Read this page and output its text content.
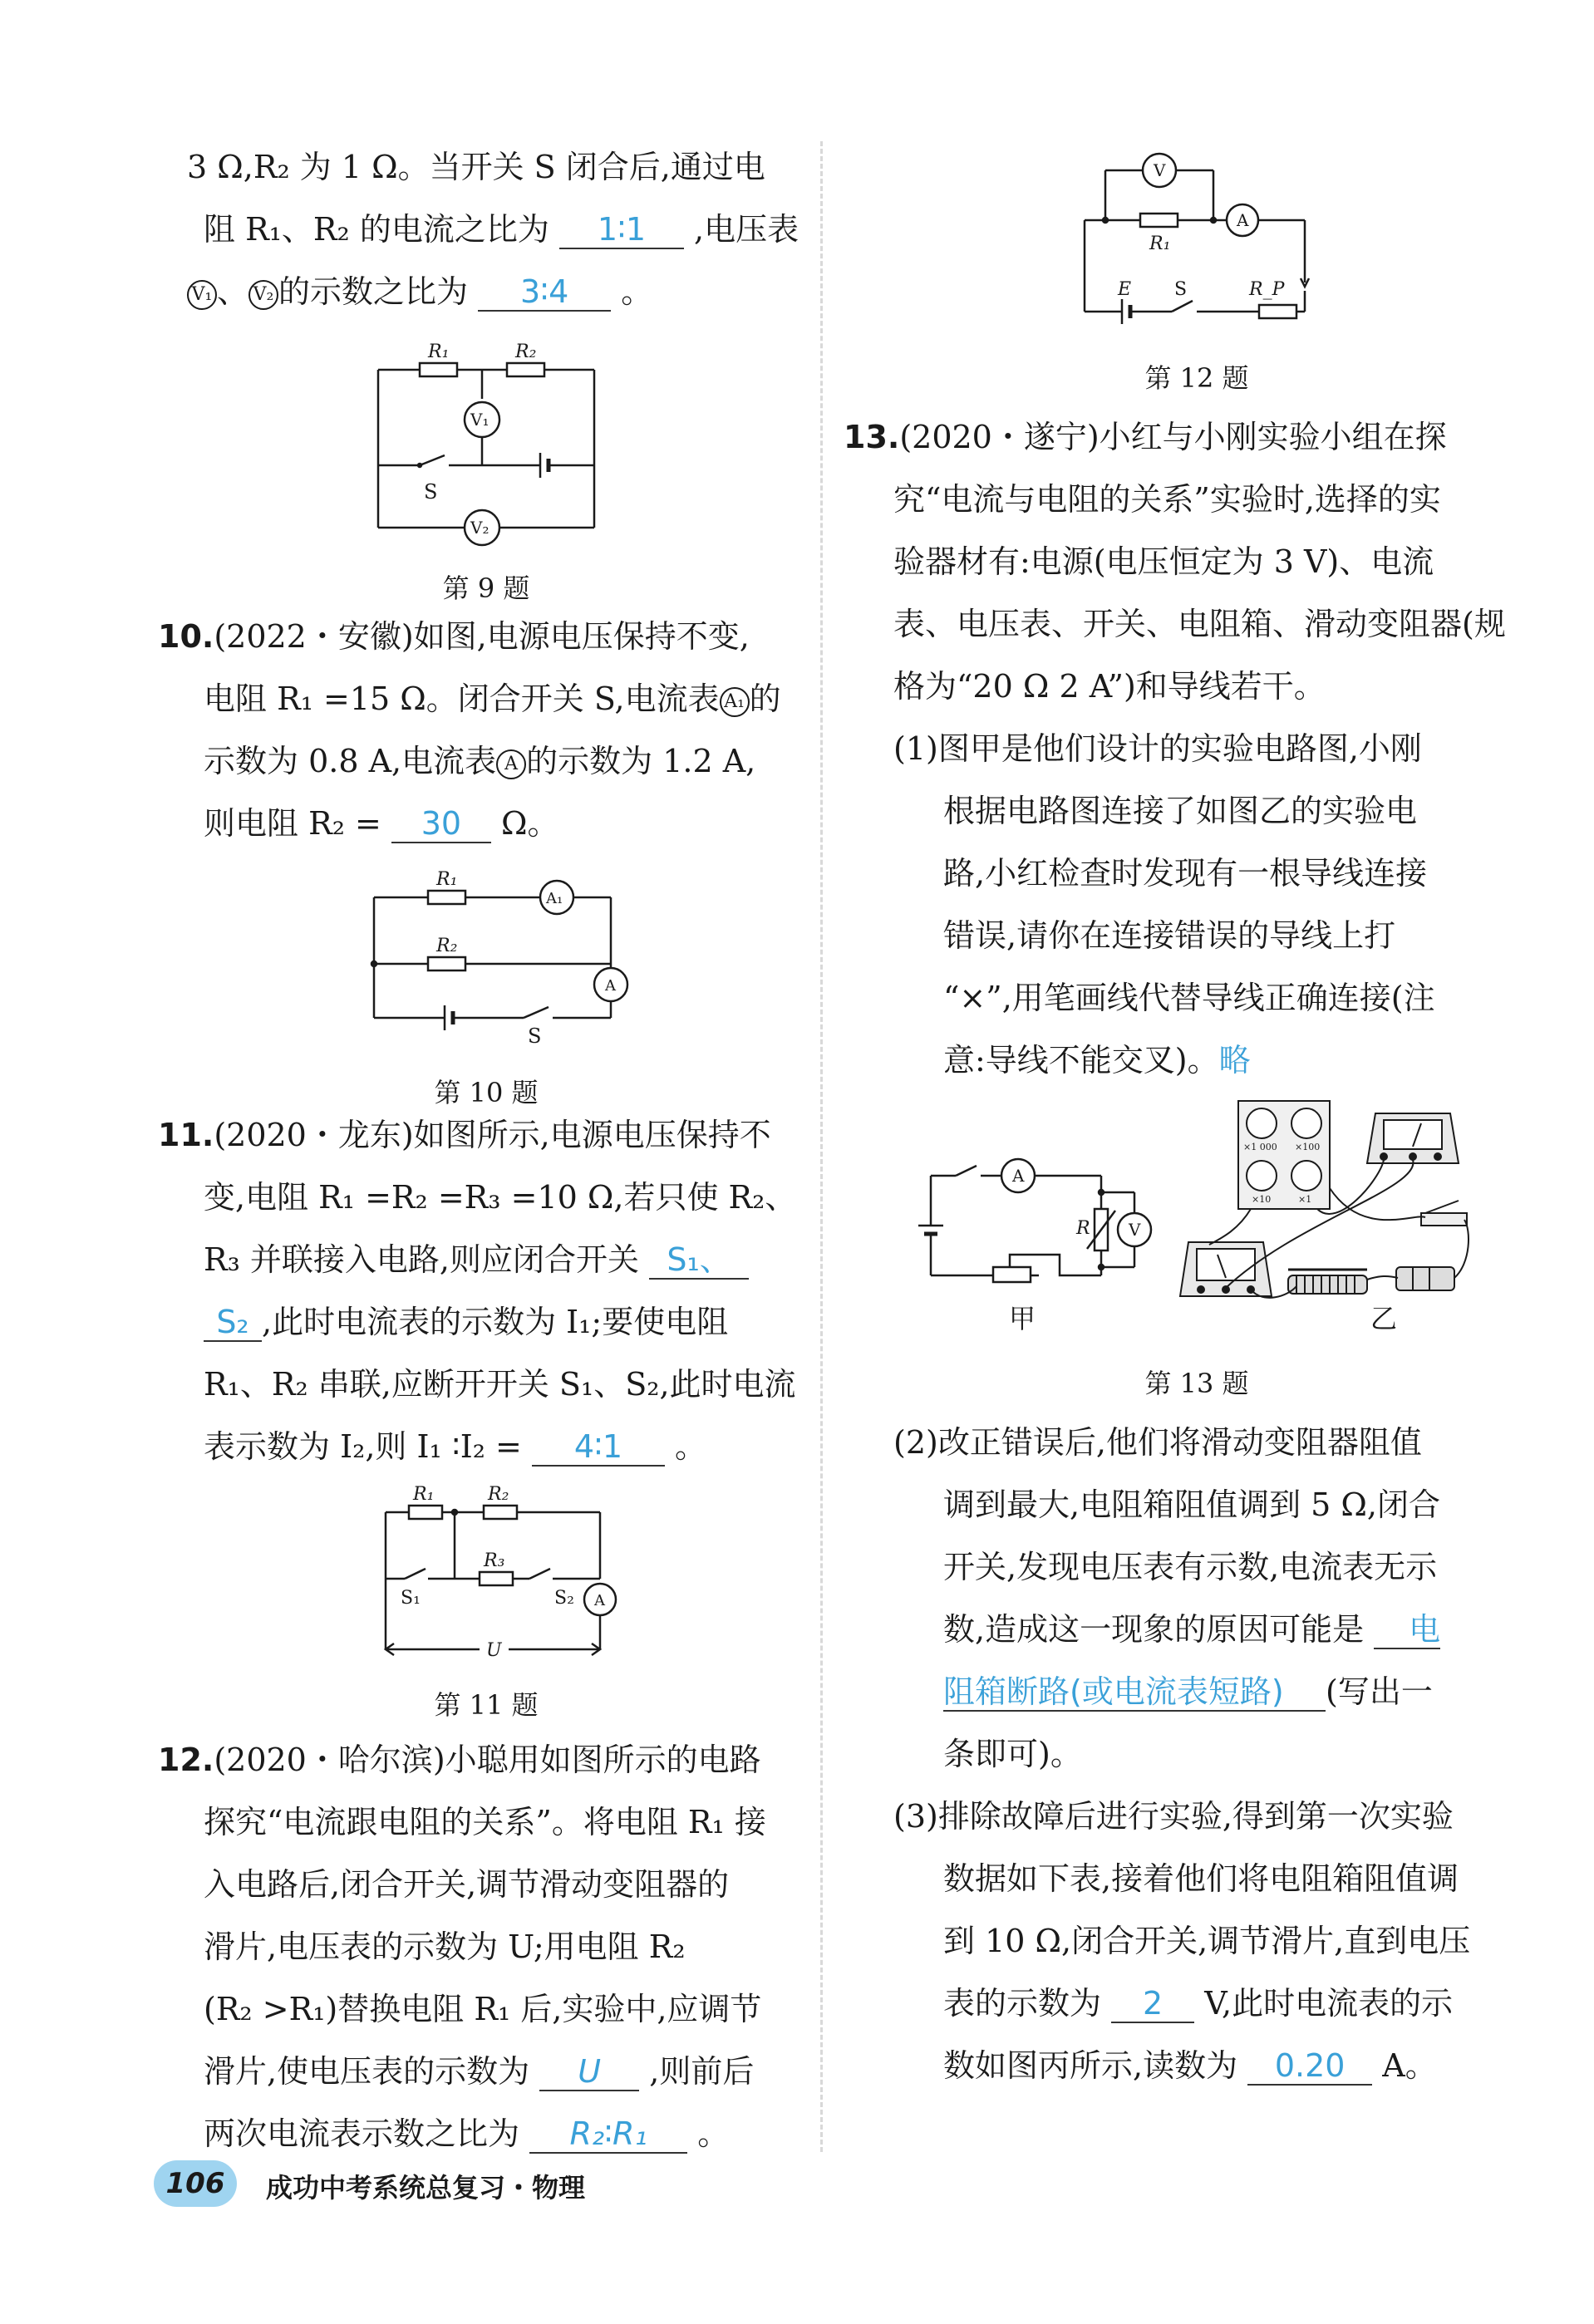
3 Ω,R₂ 为 1 Ω。当开关 S 闭合后,通过电
阻 R₁、R₂ 的电流之比为 1∶1 ,电压表
V₁ 、 V₂ 的示数之比为 3∶4 。
R₁	R₂
V₁
V₂
S
第 9 题
10.(2022・安徽)如图,电源电压保持不变,
电阻 R₁ =15 Ω。闭合开关 S,电流表 A₁ 的
示数为 0.8 A,电流表 A 的示数为 1.2 A,
则电阻 R₂ = 30 Ω。
R₁
R₂
A₁
A
S
第 10 题
11.(2020・龙东)如图所示,电源电压保持不
变,电阻 R₁ =R₂ =R₃ =10 Ω,若只使 R₂、
R₃ 并联接入电路,则应闭合开关 S₁、
S₂ ,此时电流表的示数为 I₁;要使电阻
R₁、R₂ 串联,应断开开关 S₁、S₂,此时电流
表示数为 I₂,则 I₁ ∶I₂ = 4∶1 。
R₁	R₂
R₃
U
S₁	S₂ A
第 11 题
12.(2020・哈尔滨)小聪用如图所示的电路
探究“电流跟电阻的关系”。将电阻 R₁ 接
入电路后,闭合开关,调节滑动变阻器的
滑片,电压表的示数为 U;用电阻 R₂
(R₂ >R₁)替换电阻 R₁ 后,实验中,应调节
滑片,使电压表的示数为 U ,则前后
两次电流表示数之比为 R₂∶R₁ 。
V
A
R₁
E	R_P
S
第 12 题
13.(2020・遂宁)小红与小刚实验小组在探
究“电流与电阻的关系”实验时,选择的实
验器材有:电源(电压恒定为 3 V)、电流
表、电压表、开关、电阻箱、滑动变阻器(规
格为“20 Ω 2 A”)和导线若干。
(1)图甲是他们设计的实验电路图,小刚
根据电路图连接了如图乙的实验电
路,小红检查时发现有一根导线连接
错误,请你在连接错误的导线上打
“×”,用笔画线代替导线正确连接(注
意:导线不能交叉)。略
A
V
R
甲
×1 000 ×100
×10	×1
乙
第 13 题
(2)改正错误后,他们将滑动变阻器阻值
调到最大,电阻箱阻值调到 5 Ω,闭合
开关,发现电压表有示数,电流表无示
数,造成这一现象的原因可能是 电
阻箱断路(或电流表短路) (写出一
条即可)。
(3)排除故障后进行实验,得到第一次实验
数据如下表,接着他们将电阻箱阻值调
到 10 Ω,闭合开关,调节滑片,直到电压
表的示数为 2 V,此时电流表的示
数如图丙所示,读数为 0.20 A。
106	成功中考系统总复习・物理
